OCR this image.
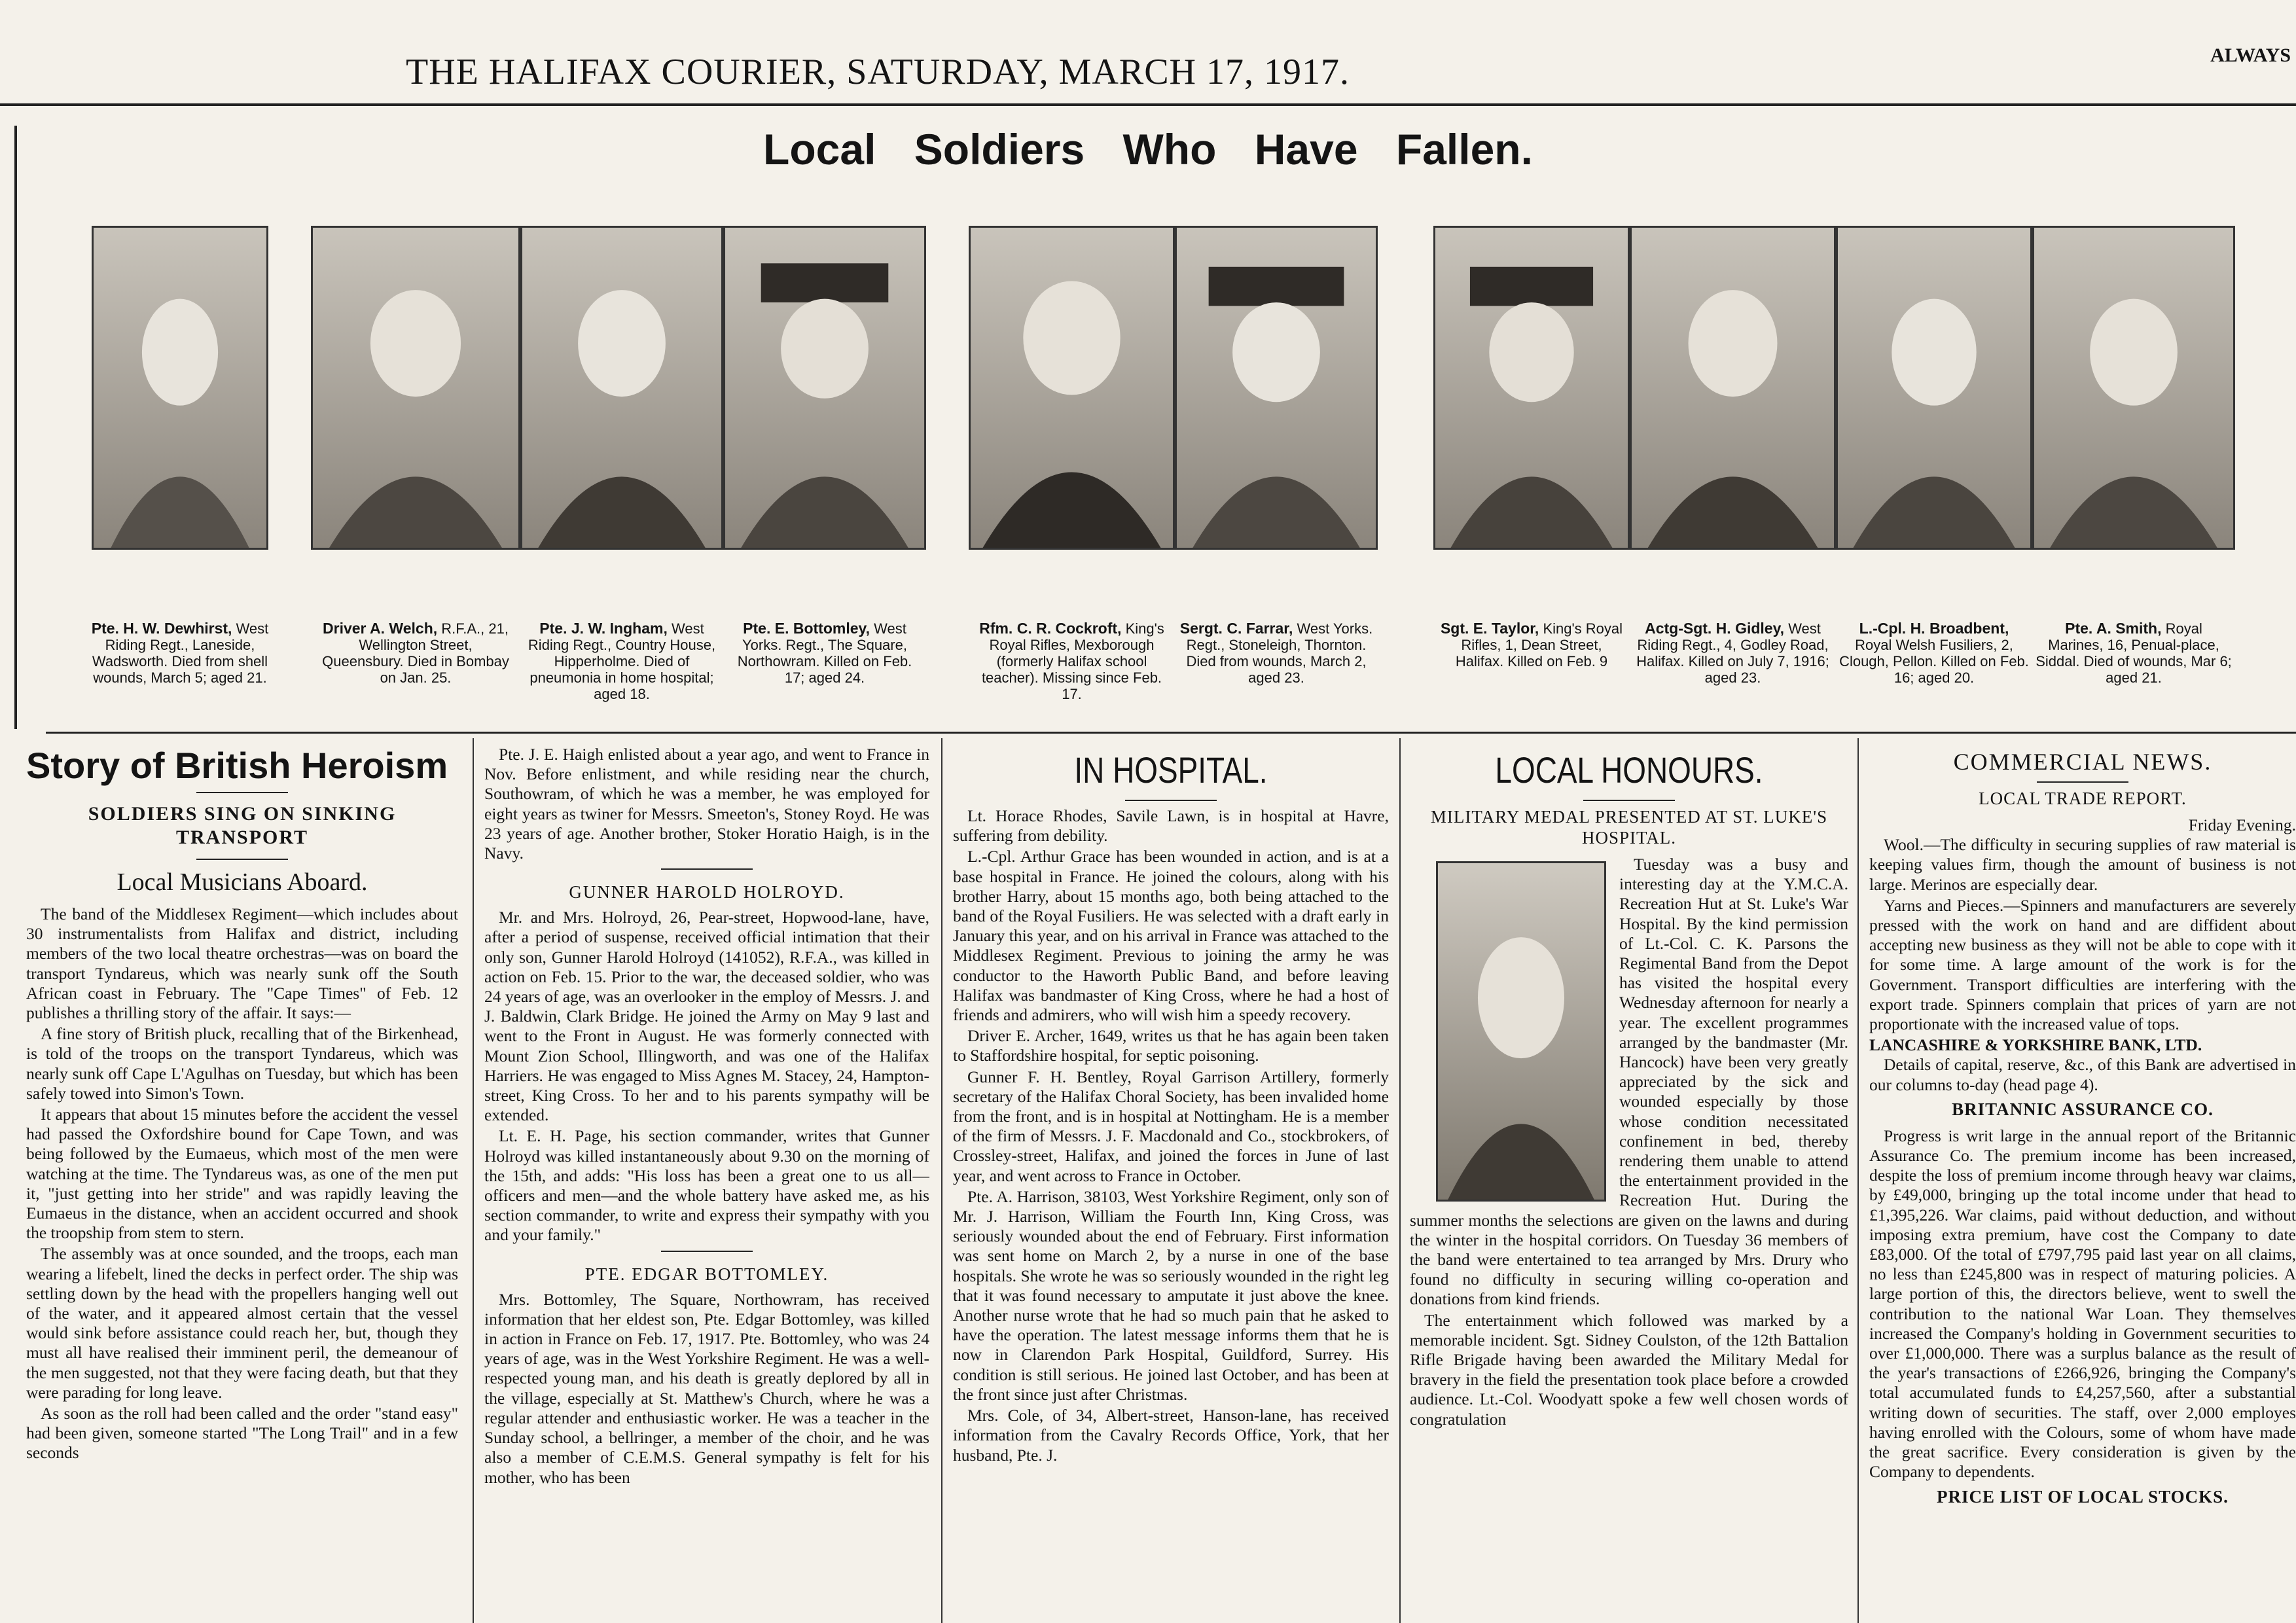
THE HALIFAX COURIER, SATURDAY, MARCH 17, 1917.	ALWAYS
Local Soldiers Who Have Fallen.
Pte. H. W. Dewhirst, West Riding Regt., Laneside, Wadsworth. Died from shell wounds, March 5; aged 21.
Driver A. Welch, R.F.A., 21, Wellington Street, Queensbury. Died in Bombay on Jan. 25.
Pte. J. W. Ingham, West Riding Regt., Country House, Hipperholme. Died of pneumonia in home hospital; aged 18.
Pte. E. Bottomley, West Yorks. Regt., The Square, Northowram. Killed on Feb. 17; aged 24.
Rfm. C. R. Cockroft, King's Royal Rifles, Mexborough (formerly Halifax school teacher). Missing since Feb. 17.
Sergt. C. Farrar, West Yorks. Regt., Stoneleigh, Thornton. Died from wounds, March 2, aged 23.
Sgt. E. Taylor, King's Royal Rifles, 1, Dean Street, Halifax. Killed on Feb. 9
Actg-Sgt. H. Gidley, West Riding Regt., 4, Godley Road, Halifax. Killed on July 7, 1916; aged 23.
L.-Cpl. H. Broadbent, Royal Welsh Fusiliers, 2, Clough, Pellon. Killed on Feb. 16; aged 20.
Pte. A. Smith, Royal Marines, 16, Penual-place, Siddal. Died of wounds, Mar 6; aged 21.
Story of British Heroism
SOLDIERS SING ON SINKING TRANSPORT
Local Musicians Aboard.

The band of the Middlesex Regiment—which includes about 30 instrumentalists from Halifax and district, including members of the two local theatre orchestras—was on board the transport Tyndareus, which was nearly sunk off the South African coast in February. The "Cape Times" of Feb. 12 publishes a thrilling story of the affair. It says:—

A fine story of British pluck, recalling that of the Birkenhead, is told of the troops on the transport Tyndareus, which was nearly sunk off Cape L'Agulhas on Tuesday, but which has been safely towed into Simon's Town.

It appears that about 15 minutes before the accident the vessel had passed the Oxfordshire bound for Cape Town, and was being followed by the Eumaeus, which most of the men were watching at the time. The Tyndareus was, as one of the men put it, "just getting into her stride" and was rapidly leaving the Eumaeus in the distance, when an accident occurred and shook the troopship from stem to stern.

The assembly was at once sounded, and the troops, each man wearing a lifebelt, lined the decks in perfect order. The ship was settling down by the head with the propellers hanging well out of the water, and it appeared almost certain that the vessel would sink before assistance could reach her, but, though they must all have realised their imminent peril, the demeanour of the men suggested, not that they were facing death, but that they were parading for long leave.

As soon as the roll had been called and the order "stand easy" had been given, someone started "The Long Trail" and in a few seconds

Pte. J. E. Haigh enlisted about a year ago, and went to France in Nov. Before enlistment, and while residing near the church, Southowram, of which he was a member, he was employed for eight years as twiner for Messrs. Smeeton's, Stoney Royd. He was 23 years of age. Another brother, Stoker Horatio Haigh, is in the Navy.

GUNNER HAROLD HOLROYD.

Mr. and Mrs. Holroyd, 26, Pear-street, Hopwood-lane, have, after a period of suspense, received official intimation that their only son, Gunner Harold Holroyd (141052), R.F.A., was killed in action on Feb. 15. Prior to the war, the deceased soldier, who was 24 years of age, was an overlooker in the employ of Messrs. J. and J. Baldwin, Clark Bridge. He joined the Army on May 9 last and went to the Front in August. He was formerly connected with Mount Zion School, Illingworth, and was one of the Halifax Harriers. He was engaged to Miss Agnes M. Stacey, 24, Hampton-street, King Cross. To her and to his parents sympathy will be extended.

Lt. E. H. Page, his section commander, writes that Gunner Holroyd was killed instantaneously about 9.30 on the morning of the 15th, and adds: "His loss has been a great one to us all—officers and men—and the whole battery have asked me, as his section commander, to write and express their sympathy with you and your family."

PTE. EDGAR BOTTOMLEY.

Mrs. Bottomley, The Square, Northowram, has received information that her eldest son, Pte. Edgar Bottomley, was killed in action in France on Feb. 17, 1917. Pte. Bottomley, who was 24 years of age, was in the West Yorkshire Regiment. He was a well-respected young man, and his death is greatly deplored by all in the village, especially at St. Matthew's Church, where he was a regular attender and enthusiastic worker. He was a teacher in the Sunday school, a bellringer, a member of the choir, and he was also a member of C.E.M.S. General sympathy is felt for his mother, who has been

IN HOSPITAL.

Lt. Horace Rhodes, Savile Lawn, is in hospital at Havre, suffering from debility.

L.-Cpl. Arthur Grace has been wounded in action, and is at a base hospital in France. He joined the colours, along with his brother Harry, about 15 months ago, both being attached to the band of the Royal Fusiliers. He was selected with a draft early in January this year, and on his arrival in France was attached to the Middlesex Regiment. Previous to joining the army he was conductor to the Haworth Public Band, and before leaving Halifax was bandmaster of King Cross, where he had a host of friends and admirers, who will wish him a speedy recovery.

Driver E. Archer, 1649, writes us that he has again been taken to Staffordshire hospital, for septic poisoning.

Gunner F. H. Bentley, Royal Garrison Artillery, formerly secretary of the Halifax Choral Society, has been invalided home from the front, and is in hospital at Nottingham. He is a member of the firm of Messrs. J. F. Macdonald and Co., stockbrokers, of Crossley-street, Halifax, and joined the forces in June of last year, and went across to France in October.

Pte. A. Harrison, 38103, West Yorkshire Regiment, only son of Mr. J. Harrison, William the Fourth Inn, King Cross, was seriously wounded about the end of February. First information was sent home on March 2, by a nurse in one of the base hospitals. She wrote he was so seriously wounded in the right leg that it was found necessary to amputate it just above the knee. Another nurse wrote that he had so much pain that he asked to have the operation. The latest message informs them that he is now in Clarendon Park Hospital, Guildford, Surrey. His condition is still serious. He joined last October, and has been at the front since just after Christmas.

Mrs. Cole, of 34, Albert-street, Hanson-lane, has received information from the Cavalry Records Office, York, that her husband, Pte. J.

LOCAL HONOURS.
MILITARY MEDAL PRESENTED AT ST. LUKE'S HOSPITAL.

Tuesday was a busy and interesting day at the Y.M.C.A. Recreation Hut at St. Luke's War Hospital. By the kind permission of Lt.-Col. C. K. Parsons the Regimental Band from the Depot has visited the hospital every Wednesday afternoon for nearly a year. The excellent programmes arranged by the bandmaster (Mr. Hancock) have been very greatly appreciated by the sick and wounded especially by those whose condition necessitated confinement in bed, thereby rendering them unable to attend the entertainment provided in the Recreation Hut. During the summer months the selections are given on the lawns and during the winter in the hospital corridors. On Tuesday 36 members of the band were entertained to tea arranged by Mrs. Drury who found no difficulty in securing willing co-operation and donations from kind friends.

The entertainment which followed was marked by a memorable incident. Sgt. Sidney Coulston, of the 12th Battalion Rifle Brigade having been awarded the Military Medal for bravery in the field the presentation took place before a crowded audience. Lt.-Col. Woodyatt spoke a few well chosen words of congratulation

COMMERCIAL NEWS.
LOCAL TRADE REPORT.
Friday Evening.

Wool.—The difficulty in securing supplies of raw material is keeping values firm, though the amount of business is not large. Merinos are especially dear.

Yarns and Pieces.—Spinners and manufacturers are severely pressed with the work on hand and are diffident about accepting new business as they will not be able to cope with it for some time. A large amount of the work is for the Government. Transport difficulties are interfering with the export trade. Spinners complain that prices of yarn are not proportionate with the increased value of tops.

LANCASHIRE & YORKSHIRE BANK, LTD.

Details of capital, reserve, &c., of this Bank are advertised in our columns to-day (head page 4).

BRITANNIC ASSURANCE CO.

Progress is writ large in the annual report of the Britannic Assurance Co. The premium income has been increased, despite the loss of premium income through heavy war claims, by £49,000, bringing up the total income under that head to £1,395,226. War claims, paid without deduction, and without imposing extra premium, have cost the Company to date £83,000. Of the total of £797,795 paid last year on all claims, no less than £245,800 was in respect of maturing policies. A large portion of this, the directors believe, went to swell the contribution to the national War Loan. They themselves increased the Company's holding in Government securities to over £1,000,000. There was a surplus balance as the result of the year's transactions of £266,926, bringing the Company's total accumulated funds to £4,257,560, after a substantial writing down of securities. The staff, over 2,000 employes having enrolled with the Colours, some of whom have made the great sacrifice. Every consideration is given by the Company to dependents.

PRICE LIST OF LOCAL STOCKS.
